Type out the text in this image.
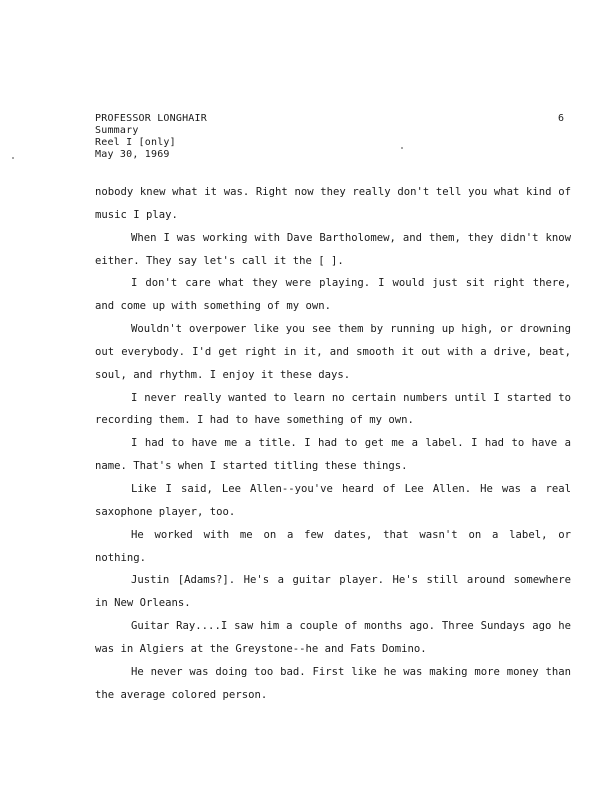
PROFESSOR LONGHAIR
Summary
Reel I [only]
May 30, 1969
6

nobody knew what it was. Right now they really don't tell you what kind of music I play.

When I was working with Dave Bartholomew, and them, they didn't know either. They say let's call it the [ ].

I don't care what they were playing. I would just sit right there, and come up with something of my own.

Wouldn't overpower like you see them by running up high, or drowning out everybody. I'd get right in it, and smooth it out with a drive, beat, soul, and rhythm. I enjoy it these days.

I never really wanted to learn no certain numbers until I started to recording them. I had to have something of my own.

I had to have me a title. I had to get me a label. I had to have a name. That's when I started titling these things.

Like I said, Lee Allen--you've heard of Lee Allen. He was a real saxophone player, too.

He worked with me on a few dates, that wasn't on a label, or nothing.

Justin [Adams?]. He's a guitar player. He's still around somewhere in New Orleans.

Guitar Ray....I saw him a couple of months ago. Three Sundays ago he was in Algiers at the Greystone--he and Fats Domino.

He never was doing too bad. First like he was making more money than the average colored person.
